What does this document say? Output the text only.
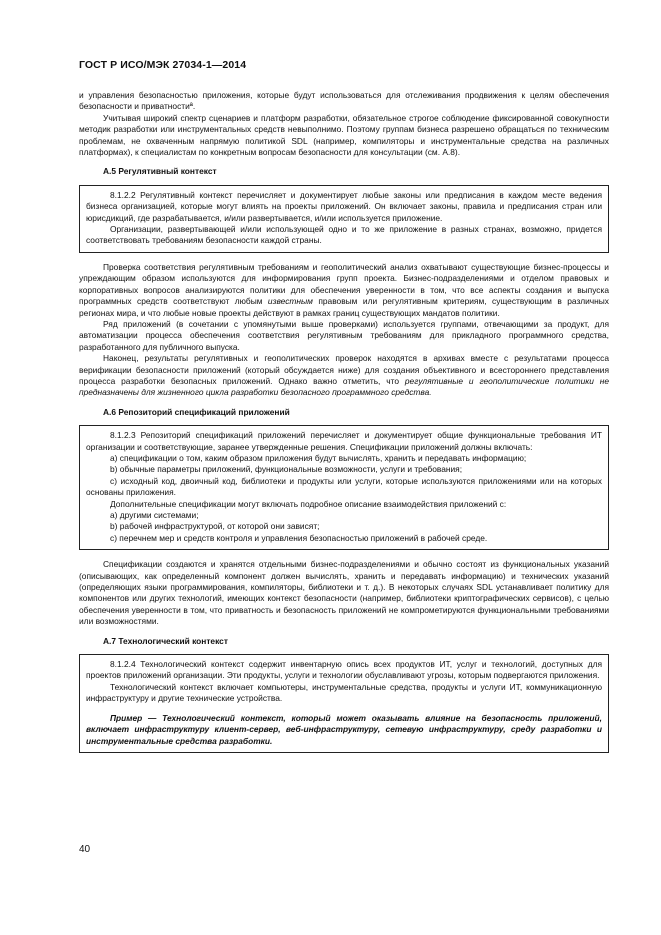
ГОСТ Р ИСО/МЭК 27034-1—2014

и управления безопасностью приложения, которые будут использоваться для отслеживания продвижения к целям обеспечения безопасности и приватностиª.

Учитывая широкий спектр сценариев и платформ разработки, обязательное строгое соблюдение фиксированной совокупности методик разработки или инструментальных средств невыполнимо. Поэтому группам бизнеса разрешено обращаться по техническим проблемам, не охваченным напрямую политикой SDL (например, компиляторы и инструментальные средства на различных платформах), к специалистам по конкретным вопросам безопасности для консультации (см. А.8).

А.5 Регулятивный контекст

8.1.2.2 Регулятивный контекст перечисляет и документирует любые законы или предписания в каждом месте ведения бизнеса организацией, которые могут влиять на проекты приложений. Он включает законы, правила и предписания стран или юрисдикций, где разрабатывается, и/или развертывается, и/или используется приложение.

Организации, развертывающей и/или использующей одно и то же приложение в разных странах, возможно, придется соответствовать требованиям безопасности каждой страны.

Проверка соответствия регулятивным требованиям и геополитический анализ охватывают существующие бизнес-процессы и упреждающим образом используются для информирования групп проекта. Бизнес-подразделениями и отделом правовых и корпоративных вопросов анализируются политики для обеспечения уверенности в том, что все аспекты создания и выпуска программных средств соответствуют любым известным правовым или регулятивным критериям, существующим в различных регионах мира, и что любые новые проекты действуют в рамках границ существующих мандатов политики.

Ряд приложений (в сочетании с упомянутыми выше проверками) используется группами, отвечающими за продукт, для автоматизации процесса обеспечения соответствия регулятивным требованиям для прикладного программного средства, разработанного для публичного выпуска.

Наконец, результаты регулятивных и геополитических проверок находятся в архивах вместе с результатами процесса верификации безопасности приложений (который обсуждается ниже) для создания объективного и всестороннего представления процесса разработки безопасных приложений. Однако важно отметить, что регулятивные и геополитические политики не предназначены для жизненного цикла разработки безопасного программного средства.

А.6 Репозиторий спецификаций приложений

8.1.2.3 Репозиторий спецификаций приложений перечисляет и документирует общие функциональные требования ИТ организации и соответствующие, заранее утвержденные решения. Спецификации приложений должны включать:

а) спецификации о том, каким образом приложения будут вычислять, хранить и передавать информацию;

b) обычные параметры приложений, функциональные возможности, услуги и требования;

с) исходный код, двоичный код, библиотеки и продукты или услуги, которые используются приложениями или на которых основаны приложения.

Дополнительные спецификации могут включать подробное описание взаимодействия приложений с:

а) другими системами;

b) рабочей инфраструктурой, от которой они зависят;

с) перечнем мер и средств контроля и управления безопасностью приложений в рабочей среде.

Спецификации создаются и хранятся отдельными бизнес-подразделениями и обычно состоят из функциональных указаний (описывающих, как определенный компонент должен вычислять, хранить и передавать информацию) и технических указаний (определяющих языки программирования, компиляторы, библиотеки и т. д.). В некоторых случаях SDL устанавливает политику для компонентов или других технологий, имеющих контекст безопасности (например, библиотеки криптографических сервисов), с целью обеспечения уверенности в том, что приватность и безопасность приложений не компрометируются функциональными требованиями или возможностями.

А.7 Технологический контекст

8.1.2.4 Технологический контекст содержит инвентарную опись всех продуктов ИТ, услуг и технологий, доступных для проектов приложений организации. Эти продукты, услуги и технологии обуславливают угрозы, которым подвергаются приложения.

Технологический контекст включает компьютеры, инструментальные средства, продукты и услуги ИТ, коммуникационную инфраструктуру и другие технические устройства.

Пример — Технологический контекст, который может оказывать влияние на безопасность приложений, включает инфраструктуру клиент-сервер, веб-инфраструктуру, сетевую инфраструктуру, среду разработки и инструментальные средства разработки.

40
